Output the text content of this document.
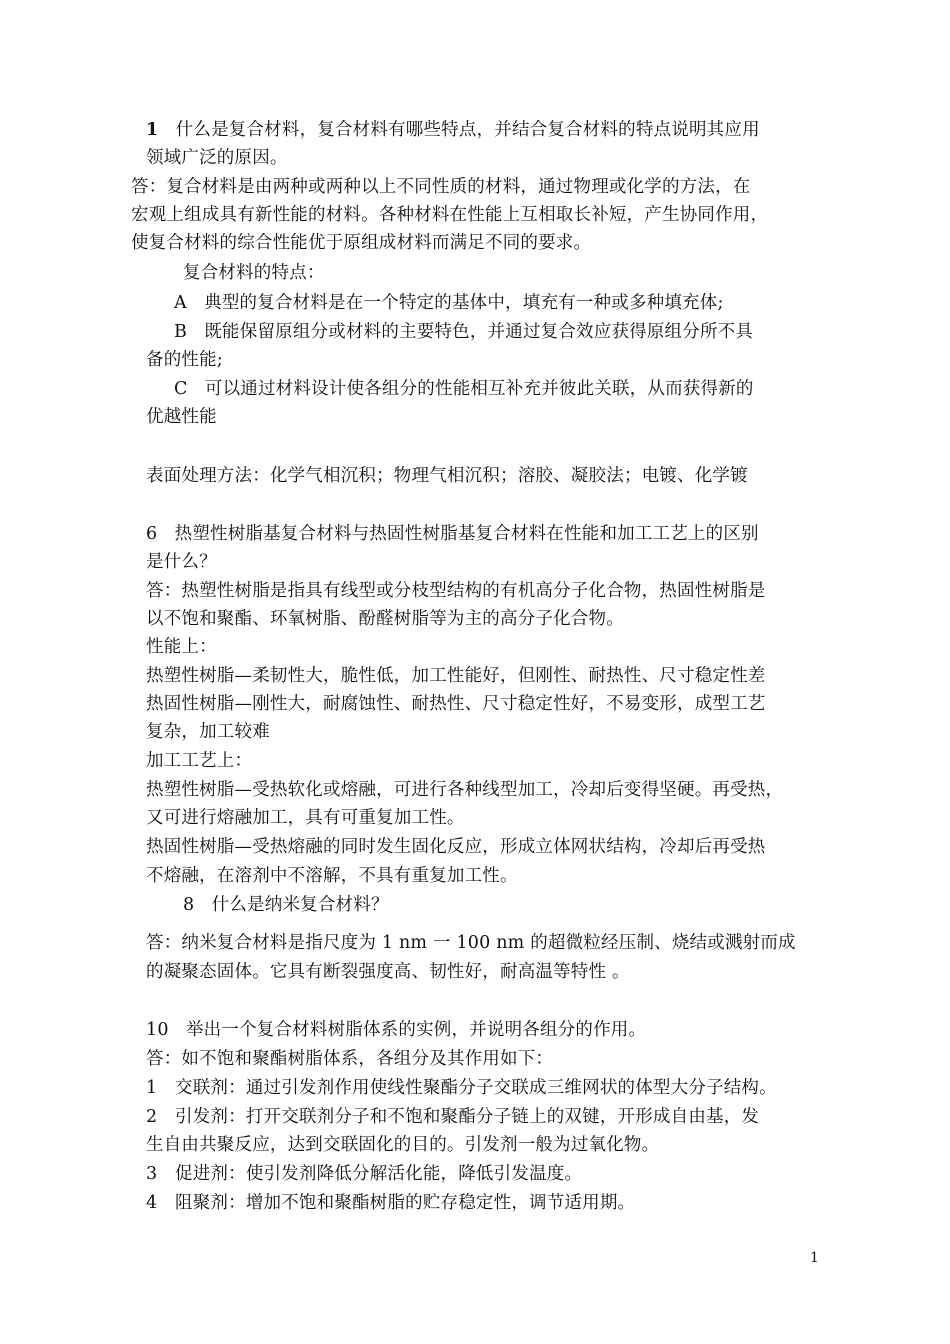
1 什么是复合材料，复合材料有哪些特点，并结合复合材料的特点说明其应用
领域广泛的原因。
答：复合材料是由两种或两种以上不同性质的材料，通过物理或化学的方法，在
宏观上组成具有新性能的材料。各种材料在性能上互相取长补短，产生协同作用，
使复合材料的综合性能优于原组成材料而满足不同的要求。
复合材料的特点：
A 典型的复合材料是在一个特定的基体中，填充有一种或多种填充体;
B 既能保留原组分或材料的主要特色，并通过复合效应获得原组分所不具
备的性能;
C 可以通过材料设计使各组分的性能相互补充并彼此关联，从而获得新的
优越性能
表面处理方法：化学气相沉积；物理气相沉积；溶胶、凝胶法；电镀、化学镀
6 热塑性树脂基复合材料与热固性树脂基复合材料在性能和加工工艺上的区别
是什么？
答：热塑性树脂是指具有线型或分枝型结构的有机高分子化合物，热固性树脂是
以不饱和聚酯、环氧树脂、酚醛树脂等为主的高分子化合物。
性能上：
热塑性树脂—柔韧性大，脆性低，加工性能好，但刚性、耐热性、尺寸稳定性差
热固性树脂—刚性大，耐腐蚀性、耐热性、尺寸稳定性好，不易变形，成型工艺
复杂，加工较难
加工工艺上：
热塑性树脂—受热软化或熔融，可进行各种线型加工，冷却后变得坚硬。再受热，
又可进行熔融加工，具有可重复加工性。
热固性树脂—受热熔融的同时发生固化反应，形成立体网状结构，冷却后再受热
不熔融，在溶剂中不溶解，不具有重复加工性。
8 什么是纳米复合材料？
答：纳米复合材料是指尺度为 1 nm 一 100 nm 的超微粒经压制、烧结或溅射而成
的凝聚态固体。它具有断裂强度高、韧性好，耐高温等特性 。
10 举出一个复合材料树脂体系的实例，并说明各组分的作用。
答：如不饱和聚酯树脂体系，各组分及其作用如下：
1　交联剂：通过引发剂作用使线性聚酯分子交联成三维网状的体型大分子结构。
2　引发剂：打开交联剂分子和不饱和聚酯分子链上的双键，开形成自由基，发
生自由共聚反应，达到交联固化的目的。引发剂一般为过氧化物。
3　促进剂：使引发剂降低分解活化能，降低引发温度。
4　阻聚剂：增加不饱和聚酯树脂的贮存稳定性，调节适用期。
1
